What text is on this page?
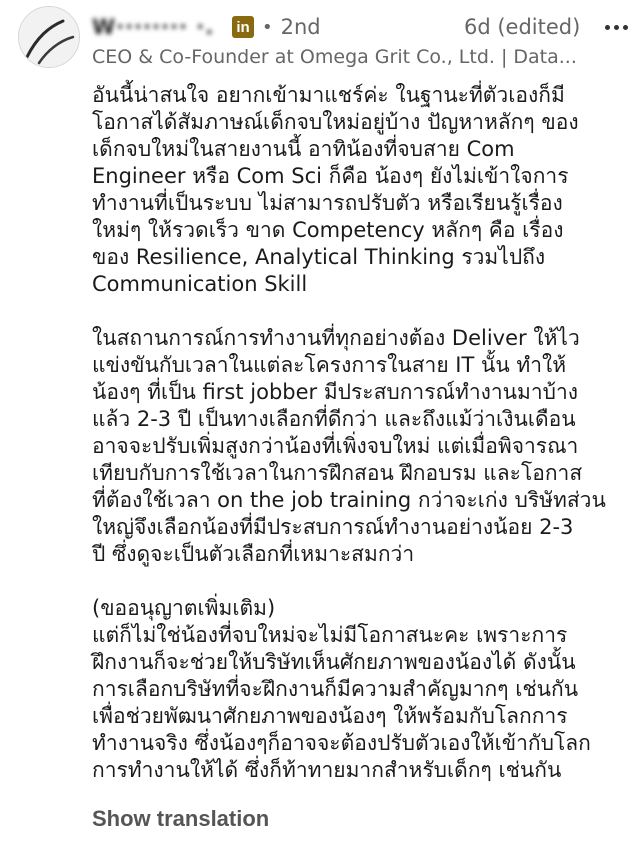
W········ ·.	in • 2nd	6d (edited)
CEO & Co-Founder at Omega Grit Co., Ltd. | Data...

อันนี้น่าสนใจ อยากเข้ามาแชร์ค่ะ ในฐานะที่ตัวเองก็มี
โอกาสได้สัมภาษณ์เด็กจบใหม่อยู่บ้าง ปัญหาหลักๆ ของ
เด็กจบใหม่ในสายงานนี้ อาทิน้องที่จบสาย Com
Engineer หรือ Com Sci ก็คือ น้องๆ ยังไม่เข้าใจการ
ทำงานที่เป็นระบบ ไม่สามารถปรับตัว หรือเรียนรู้เรื่อง
ใหม่ๆ ให้รวดเร็ว ขาด Competency หลักๆ คือ เรื่อง
ของ Resilience, Analytical Thinking รวมไปถึง
Communication Skill

ในสถานการณ์การทำงานที่ทุกอย่างต้อง Deliver ให้ไว
แข่งขันกับเวลาในแต่ละโครงการในสาย IT นั้น ทำให้
น้องๆ ที่เป็น first jobber มีประสบการณ์ทำงานมาบ้าง
แล้ว 2-3 ปี เป็นทางเลือกที่ดีกว่า และถึงแม้ว่าเงินเดือน
อาจจะปรับเพิ่มสูงกว่าน้องที่เพิ่งจบใหม่ แต่เมื่อพิจารณา
เทียบกับการใช้เวลาในการฝึกสอน ฝึกอบรม และโอกาส
ที่ต้องใช้เวลา on the job training กว่าจะเก่ง บริษัทส่วน
ใหญ่จึงเลือกน้องที่มีประสบการณ์ทำงานอย่างน้อย 2-3
ปี ซึ่งดูจะเป็นตัวเลือกที่เหมาะสมกว่า

(ขออนุญาตเพิ่มเติม)
แต่ก็ไม่ใช่น้องที่จบใหม่จะไม่มีโอกาสนะคะ เพราะการ
ฝึกงานก็จะช่วยให้บริษัทเห็นศักยภาพของน้องได้ ดังนั้น
การเลือกบริษัทที่จะฝึกงานก็มีความสำคัญมากๆ เช่นกัน
เพื่อช่วยพัฒนาศักยภาพของน้องๆ ให้พร้อมกับโลกการ
ทำงานจริง ซึ่งน้องๆก็อาจจะต้องปรับตัวเองให้เข้ากับโลก
การทำงานให้ได้ ซึ่งก็ท้าทายมากสำหรับเด็กๆ เช่นกัน

Show translation
